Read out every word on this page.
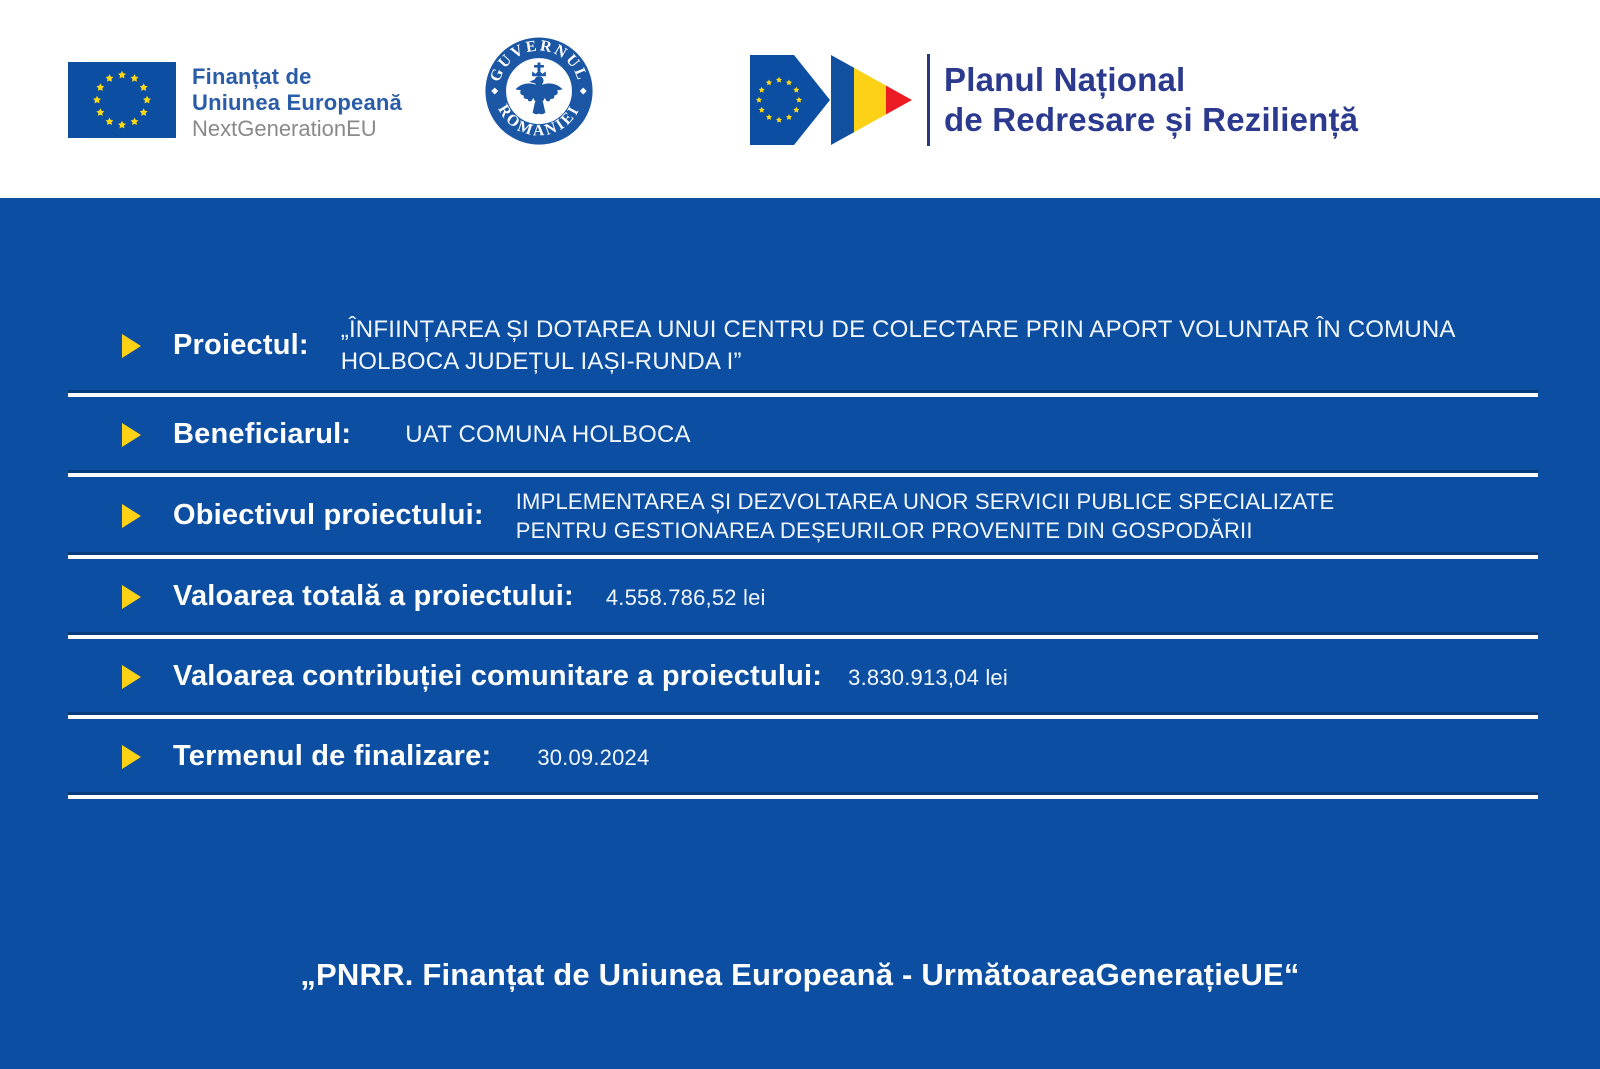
Finanțat de
Uniunea Europeană
NextGenerationEU
GUVERNUL
ROMÂNIEI
Planul Național
de Redresare și Reziliență
Proiectul: „ÎNFIINȚAREA ȘI DOTAREA UNUI CENTRU DE COLECTARE PRIN APORT VOLUNTAR ÎN COMUNA HOLBOCA JUDEȚUL IAȘI-RUNDA I”
Beneficiarul: UAT COMUNA HOLBOCA
Obiectivul proiectului: IMPLEMENTAREA ȘI DEZVOLTAREA UNOR SERVICII PUBLICE SPECIALIZATE PENTRU GESTIONAREA DEȘEURILOR PROVENITE DIN GOSPODĂRII
Valoarea totală a proiectului: 4.558.786,52 lei
Valoarea contribuției comunitare a proiectului: 3.830.913,04 lei
Termenul de finalizare: 30.09.2024
„PNRR. Finanțat de Uniunea Europeană - UrmătoareaGenerațieUE“
